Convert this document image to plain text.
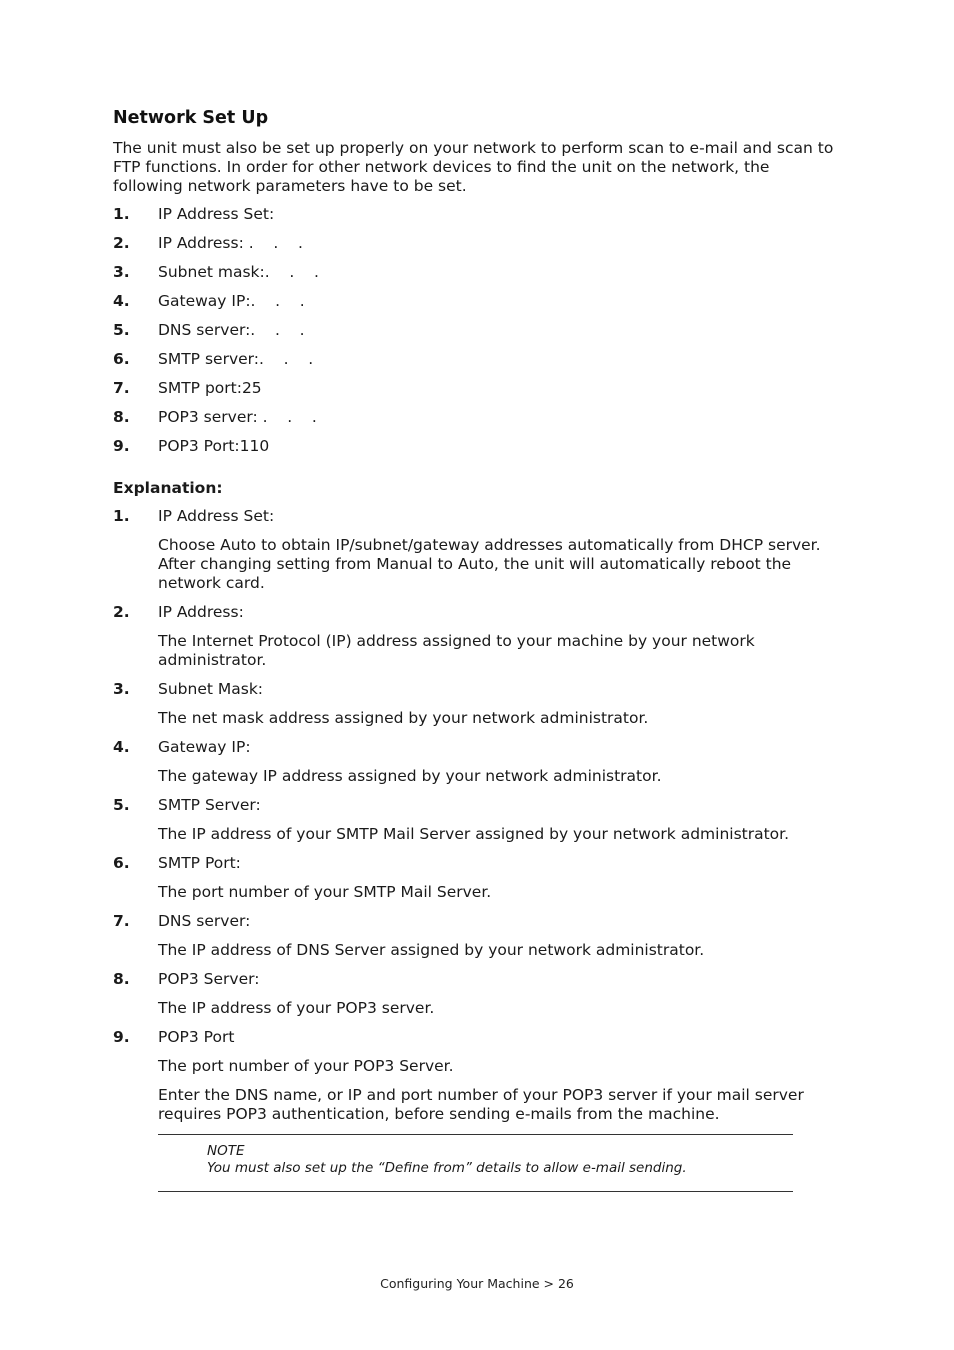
Network Set Up

The unit must also be set up properly on your network to perform scan to e-mail and scan to FTP functions. In order for other network devices to find the unit on the network, the following network parameters have to be set.

1.	IP Address Set:
2.	IP Address: .    .    .
3.	Subnet mask:.    .    .
4.	Gateway IP:.    .    .
5.	DNS server:.    .    .
6.	SMTP server:.    .    .
7.	SMTP port:25
8.	POP3 server: .    .    .
9.	POP3 Port:110
Explanation:
1.	IP Address Set:

Choose Auto to obtain IP/subnet/gateway addresses automatically from DHCP server. After changing setting from Manual to Auto, the unit will automatically reboot the network card.

2.	IP Address:

The Internet Protocol (IP) address assigned to your machine by your network administrator.

3.	Subnet Mask:

The net mask address assigned by your network administrator.

4.	Gateway IP:

The gateway IP address assigned by your network administrator.

5.	SMTP Server:

The IP address of your SMTP Mail Server assigned by your network administrator.

6.	SMTP Port:

The port number of your SMTP Mail Server.

7.	DNS server:

The IP address of DNS Server assigned by your network administrator.

8.	POP3 Server:

The IP address of your POP3 server.

9.	POP3 Port

The port number of your POP3 Server.

Enter the DNS name, or IP and port number of your POP3 server if your mail server requires POP3 authentication, before sending e-mails from the machine.

NOTE
You must also set up the “Define from” details to allow e-mail sending.
Configuring Your Machine > 26
